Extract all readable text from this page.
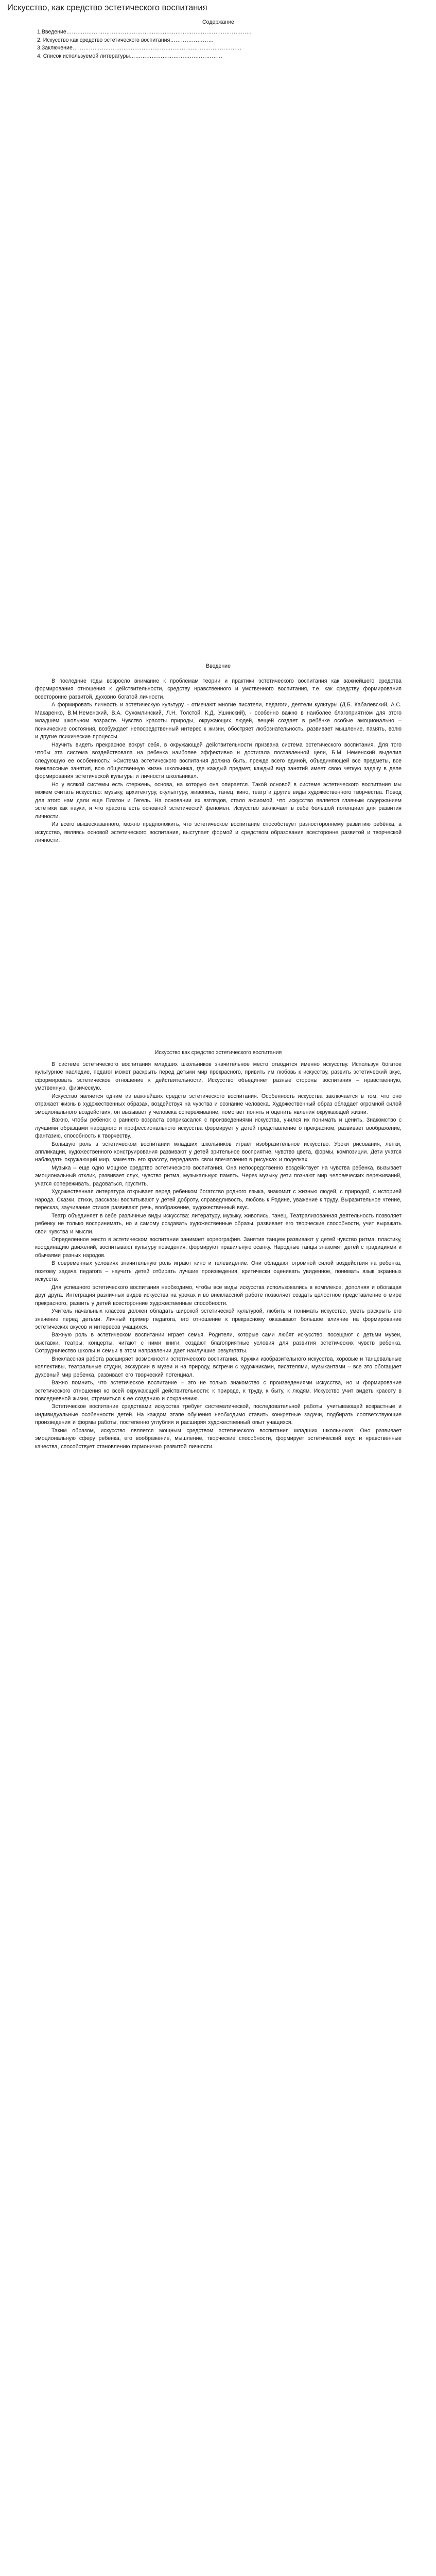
Искусство, как средство эстетического воспитания
Содержание
1.Введение…………………………………………………………………………………………
2. Искусство как средство эстетического воспитания……………………
3.Заключение…………………………………………………………………………………
4. Список используемой литературы……………………………………………
Введение

В последние годы возросло внимание к проблемам теории и практики эстетического воспитания как важнейшего средства формирования отношения к действительности, средству нравственного и умственного воспитания, т.е. как средству формирования всесторонне развитой, духовно богатой личности.

А формировать личность и эстетическую культуру, - отмечают многие писатели, педагоги, деятели культуры (Д.Б. Кабалевский, А.С. Макаренко, В.М.Неменский, В.А. Сухомлинский, Л.Н. Толстой, К.Д. Ушинский), - особенно важно в наиболее благоприятном для этого младшем школьном возрасте. Чувство красоты природы, окружающих людей, вещей создает в ребёнке особые эмоционально – психические состояния, возбуждает непосредственный интерес к жизни, обостряет любознательность, развивает мышление, память, волю и другие психические процессы.

Научить видеть прекрасное вокруг себя, в окружающей действительности призвана система эстетического воспитания. Для того чтобы эта система воздействовала на ребенка наиболее эффективно и достигала поставленной цели, Б.М. Неменский выделил следующую ее особенность: «Система эстетического воспитания должна быть, прежде всего единой, объединяющей все предметы, все внеклассные занятия, всю общественную жизнь школьника, где каждый предмет, каждый вид занятий имеет свою четкую задачу в деле формирования эстетической культуры и личности школьника».

Но у всякой системы есть стержень, основа, на которую она опирается. Такой основой в системе эстетического воспитания мы можем считать искусство: музыку, архитектуру, скульптуру, живопись, танец, кино, театр и другие виды художественного творчества. Повод для этого нам дали еще Платон и Гегель. На основании их взглядов, стало аксиомой, что искусство является главным содержанием эстетики как науки, и что красота есть основной эстетический феномен. Искусство заключает в себе большой потенциал для развития личности.

Из всего вышесказанного, можно предположить, что эстетическое воспитание способствует разностороннему развитию ребёнка, а искусство, являясь основой эстетического воспитания, выступает формой и средством образования всесторонне развитой и творческой личности.

Искусство как средство эстетического воспитания

В системе эстетического воспитания младших школьников значительное место отводится именно искусству. Используя богатое культурное наследие, педагог может раскрыть перед детьми мир прекрасного, привить им любовь к искусству, развить эстетический вкус, сформировать эстетическое отношение к действительности. Искусство объединяет разные стороны воспитания – нравственную, умственную, физическую.

Искусство является одним из важнейших средств эстетического воспитания. Особенность искусства заключается в том, что оно отражает жизнь в художественных образах, воздействуя на чувства и сознание человека. Художественный образ обладает огромной силой эмоционального воздействия, он вызывает у человека сопереживание, помогает понять и оценить явления окружающей жизни.

Важно, чтобы ребенок с раннего возраста соприкасался с произведениями искусства, учился их понимать и ценить. Знакомство с лучшими образцами народного и профессионального искусства формирует у детей представление о прекрасном, развивает воображение, фантазию, способность к творчеству.

Большую роль в эстетическом воспитании младших школьников играет изобразительное искусство. Уроки рисования, лепки, аппликации, художественного конструирования развивают у детей зрительное восприятие, чувство цвета, формы, композиции. Дети учатся наблюдать окружающий мир, замечать его красоту, передавать свои впечатления в рисунках и поделках.

Музыка – еще одно мощное средство эстетического воспитания. Она непосредственно воздействует на чувства ребенка, вызывает эмоциональный отклик, развивает слух, чувство ритма, музыкальную память. Через музыку дети познают мир человеческих переживаний, учатся сопереживать, радоваться, грустить.

Художественная литература открывает перед ребенком богатство родного языка, знакомит с жизнью людей, с природой, с историей народа. Сказки, стихи, рассказы воспитывают у детей доброту, справедливость, любовь к Родине, уважение к труду. Выразительное чтение, пересказ, заучивание стихов развивают речь, воображение, художественный вкус.

Театр объединяет в себе различные виды искусства: литературу, музыку, живопись, танец. Театрализованная деятельность позволяет ребенку не только воспринимать, но и самому создавать художественные образы, развивает его творческие способности, учит выражать свои чувства и мысли.

Определенное место в эстетическом воспитании занимает хореография. Занятия танцем развивают у детей чувство ритма, пластику, координацию движений, воспитывают культуру поведения, формируют правильную осанку. Народные танцы знакомят детей с традициями и обычаями разных народов.

В современных условиях значительную роль играют кино и телевидение. Они обладают огромной силой воздействия на ребенка, поэтому задача педагога – научить детей отбирать лучшие произведения, критически оценивать увиденное, понимать язык экранных искусств.

Для успешного эстетического воспитания необходимо, чтобы все виды искусства использовались в комплексе, дополняя и обогащая друг друга. Интеграция различных видов искусства на уроках и во внеклассной работе позволяет создать целостное представление о мире прекрасного, развить у детей всесторонние художественные способности.

Учитель начальных классов должен обладать широкой эстетической культурой, любить и понимать искусство, уметь раскрыть его значение перед детьми. Личный пример педагога, его отношение к прекрасному оказывают большое влияние на формирование эстетических вкусов и интересов учащихся.

Важную роль в эстетическом воспитании играет семья. Родители, которые сами любят искусство, посещают с детьми музеи, выставки, театры, концерты, читают с ними книги, создают благоприятные условия для развития эстетических чувств ребенка. Сотрудничество школы и семьи в этом направлении дает наилучшие результаты.

Внеклассная работа расширяет возможности эстетического воспитания. Кружки изобразительного искусства, хоровые и танцевальные коллективы, театральные студии, экскурсии в музеи и на природу, встречи с художниками, писателями, музыкантами – все это обогащает духовный мир ребенка, развивает его творческий потенциал.

Важно помнить, что эстетическое воспитание – это не только знакомство с произведениями искусства, но и формирование эстетического отношения ко всей окружающей действительности: к природе, к труду, к быту, к людям. Искусство учит видеть красоту в повседневной жизни, стремиться к ее созданию и сохранению.

Эстетическое воспитание средствами искусства требует систематической, последовательной работы, учитывающей возрастные и индивидуальные особенности детей. На каждом этапе обучения необходимо ставить конкретные задачи, подбирать соответствующие произведения и формы работы, постепенно углубляя и расширяя художественный опыт учащихся.

Таким образом, искусство является мощным средством эстетического воспитания младших школьников. Оно развивает эмоциональную сферу ребенка, его воображение, мышление, творческие способности, формирует эстетический вкус и нравственные качества, способствует становлению гармонично развитой личности.
